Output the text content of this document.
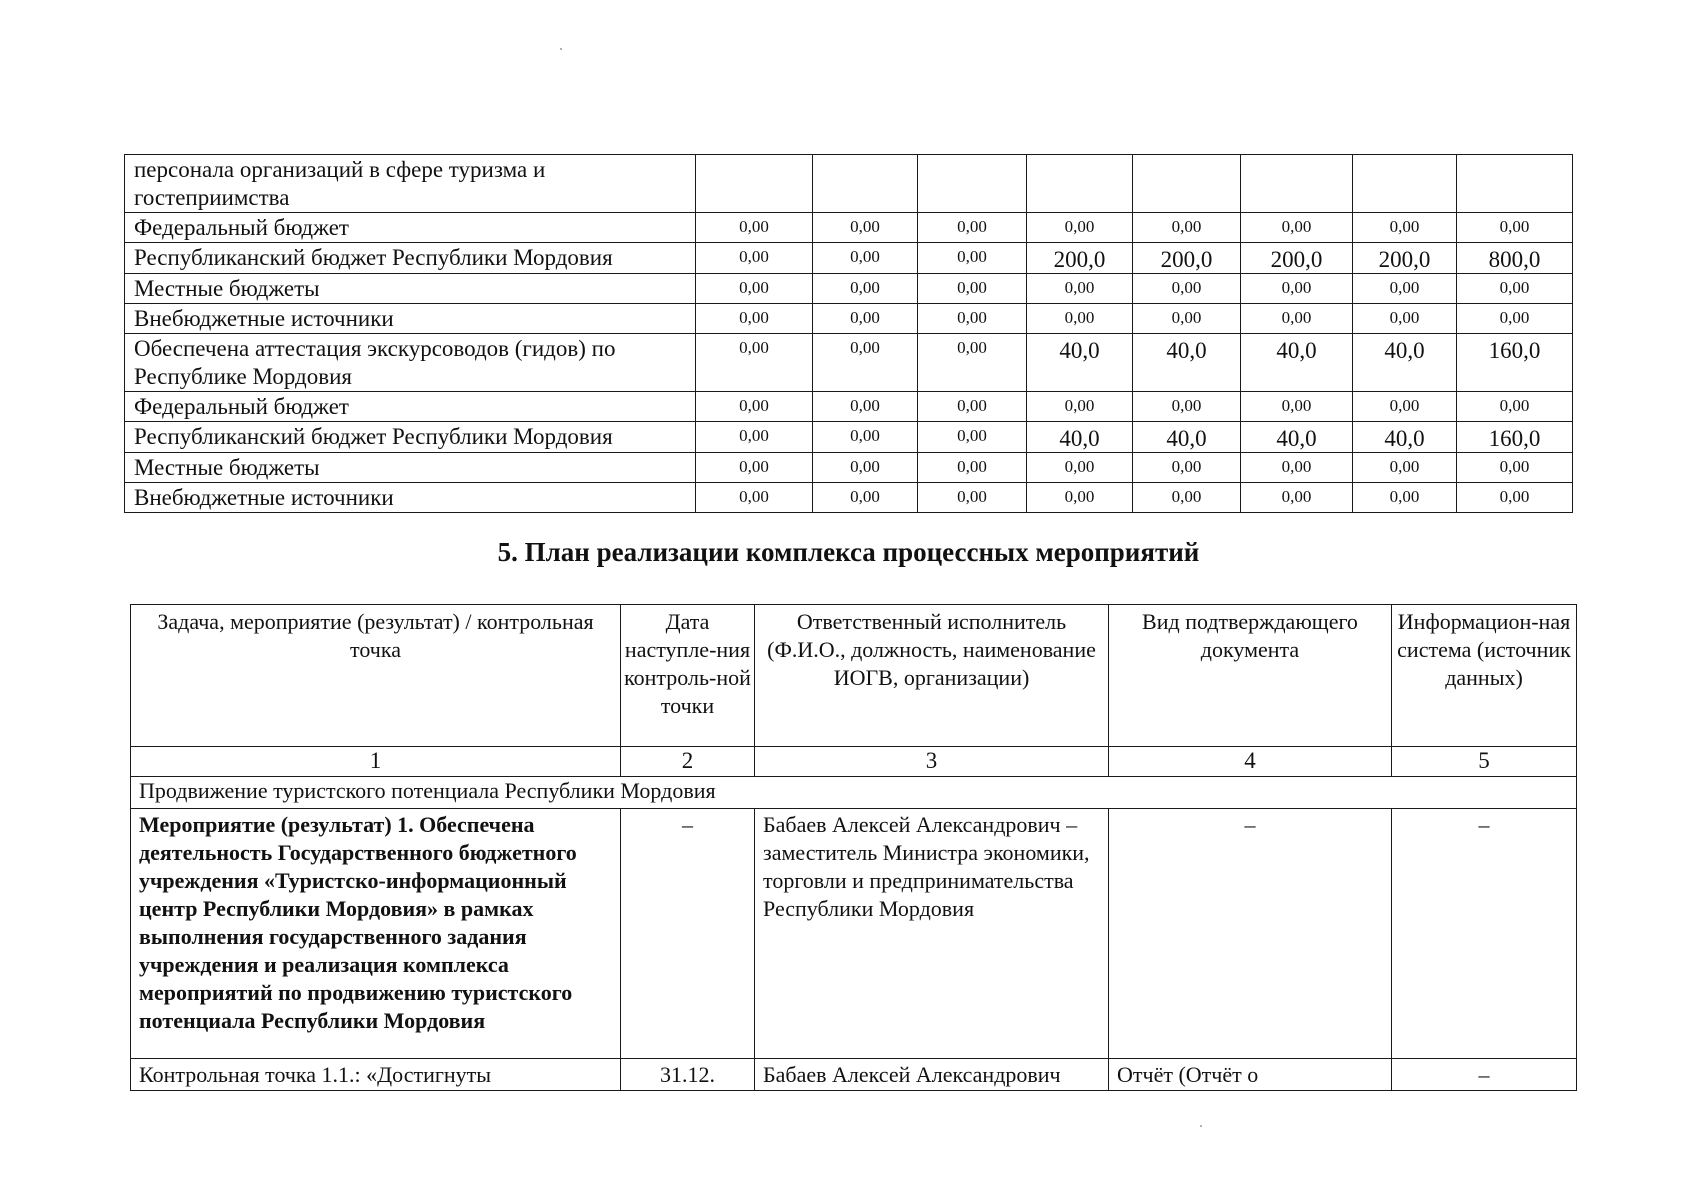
персонала организаций в сфере туризма и гостеприимства								
Федеральный бюджет	0,00	0,00	0,00	0,00	0,00	0,00	0,00	0,00
Республиканский бюджет Республики Мордовия	0,00	0,00	0,00	200,0	200,0	200,0	200,0	800,0
Местные бюджеты	0,00	0,00	0,00	0,00	0,00	0,00	0,00	0,00
Внебюджетные источники	0,00	0,00	0,00	0,00	0,00	0,00	0,00	0,00
Обеспечена аттестация экскурсоводов (гидов) по Республике Мордовия	0,00	0,00	0,00	40,0	40,0	40,0	40,0	160,0
Федеральный бюджет	0,00	0,00	0,00	0,00	0,00	0,00	0,00	0,00
Республиканский бюджет Республики Мордовия	0,00	0,00	0,00	40,0	40,0	40,0	40,0	160,0
Местные бюджеты	0,00	0,00	0,00	0,00	0,00	0,00	0,00	0,00
Внебюджетные источники	0,00	0,00	0,00	0,00	0,00	0,00	0,00	0,00
5. План реализации комплекса процессных мероприятий
Задача, мероприятие (результат) / контрольная точка	Дата наступле-ния контроль-ной точки	Ответственный исполнитель (Ф.И.О., должность, наименование ИОГВ, организации)	Вид подтверждающего документа	Информацион-ная система (источник данных)
1	2	3	4	5
Продвижение туристского потенциала Республики Мордовия				
Мероприятие (результат) 1. Обеспечена деятельность Государственного бюджетного учреждения «Туристско-информационный центр Республики Мордовия» в рамках выполнения государственного задания учреждения и реализация комплекса мероприятий по продвижению туристского потенциала Республики Мордовия	–	Бабаев Алексей Александрович – заместитель Министра экономики, торговли и предпринимательства Республики Мордовия	–	–
Контрольная точка 1.1.: «Достигнуты	31.12.	Бабаев Алексей Александрович	Отчёт (Отчёт о	–
